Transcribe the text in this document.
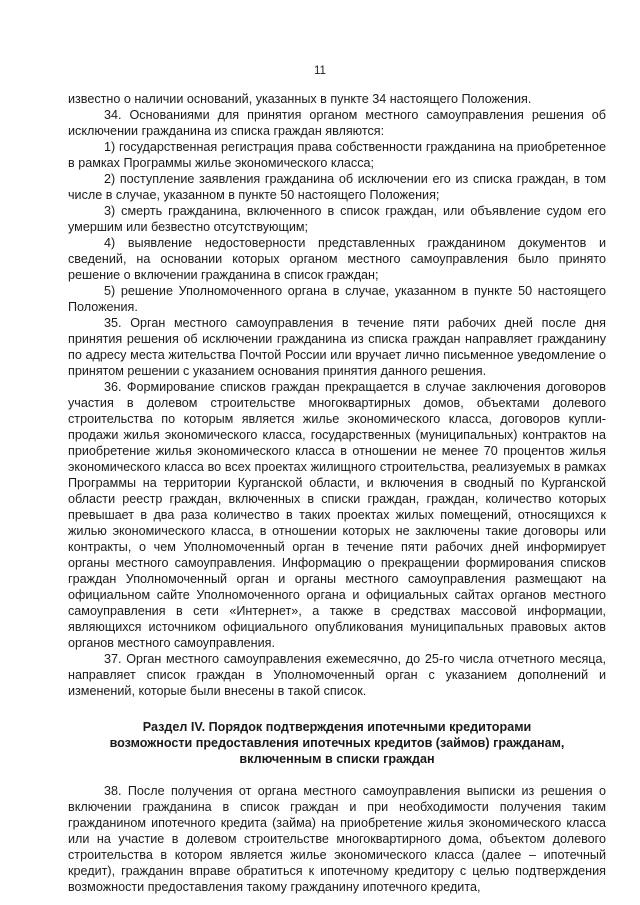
11

известно о наличии оснований, указанных в пункте 34 настоящего Положения.

34. Основаниями для принятия органом местного самоуправления решения об исключении гражданина из списка граждан являются:

1) государственная регистрация права собственности гражданина на приобретенное в рамках Программы жилье экономического класса;

2) поступление заявления гражданина об исключении его из списка граждан, в том числе в случае, указанном в пункте 50 настоящего Положения;

3) смерть гражданина, включенного в список граждан, или объявление судом его умершим или безвестно отсутствующим;

4) выявление недостоверности представленных гражданином документов и сведений, на основании которых органом местного самоуправления было принято решение о включении гражданина в список граждан;

5) решение Уполномоченного органа в случае, указанном в пункте 50 настоящего Положения.

35. Орган местного самоуправления в течение пяти рабочих дней после дня принятия решения об исключении гражданина из списка граждан направляет гражданину по адресу места жительства Почтой России или вручает лично письменное уведомление о принятом решении с указанием основания принятия данного решения.

36. Формирование списков граждан прекращается в случае заключения договоров участия в долевом строительстве многоквартирных домов, объектами долевого строительства по которым является жилье экономического класса, договоров купли-продажи жилья экономического класса, государственных (муниципальных) контрактов на приобретение жилья экономического класса в отношении не менее 70 процентов жилья экономического класса во всех проектах жилищного строительства, реализуемых в рамках Программы на территории Курганской области, и включения в сводный по Курганской области реестр граждан, включенных в списки граждан, граждан, количество которых превышает в два раза количество в таких проектах жилых помещений, относящихся к жилью экономического класса, в отношении которых не заключены такие договоры или контракты, о чем Уполномоченный орган в течение пяти рабочих дней информирует органы местного самоуправления. Информацию о прекращении формирования списков граждан Уполномоченный орган и органы местного самоуправления размещают на официальном сайте Уполномоченного органа и официальных сайтах органов местного самоуправления в сети «Интернет», а также в средствах массовой информации, являющихся источником официального опубликования муниципальных правовых актов органов местного самоуправления.

37. Орган местного самоуправления ежемесячно, до 25-го числа отчетного месяца, направляет список граждан в Уполномоченный орган с указанием дополнений и изменений, которые были внесены в такой список.

Раздел IV. Порядок подтверждения ипотечными кредиторами
возможности предоставления ипотечных кредитов (займов) гражданам,
включенным в списки граждан

38. После получения от органа местного самоуправления выписки из решения о включении гражданина в список граждан и при необходимости получения таким гражданином ипотечного кредита (займа) на приобретение жилья экономического класса или на участие в долевом строительстве многоквартирного дома, объектом долевого строительства в котором является жилье экономического класса (далее – ипотечный кредит), гражданин вправе обратиться к ипотечному кредитору с целью подтверждения возможности предоставления такому гражданину ипотечного кредита,
